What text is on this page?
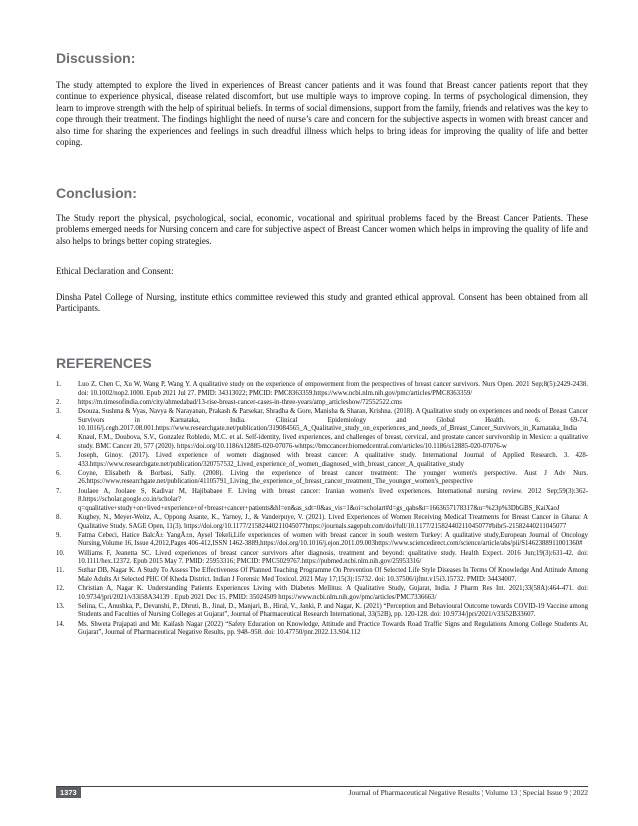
Discussion:

The study attempted to explore the lived in experiences of Breast cancer patients and it was found that Breast cancer patients report that they continue to experience physical, disease related discomfort, but use multiple ways to improve coping. In terms of psychological dimension, they learn to improve strength with the help of spiritual beliefs. In terms of social dimensions, support from the family, friends and relatives was the key to cope through their treatment. The findings highlight the need of nurse’s care and concern for the subjective aspects in women with breast cancer and also time for sharing the experiences and feelings in such dreadful illness which helps to bring ideas for improving the quality of life and better coping.

Conclusion:

The Study report the physical, psychological, social, economic, vocational and spiritual problems faced by the Breast Cancer Patients. These problems emerged needs for Nursing concern and care for subjective aspect of Breast Cancer women which helps in improving the quality of life and also helps to brings better coping strategies.

Ethical Declaration and Consent:

Dinsha Patel College of Nursing, institute ethics committee reviewed this study and granted ethical approval. Consent has been obtained from all Participants.

REFERENCES
1.	Luo Z, Chen C, Xu W, Wang P, Wang Y. A qualitative study on the experience of empowerment from the perspectives of breast cancer survivors. Nurs Open. 2021 Sep;8(5):2429-2438. doi: 10.1002/nop2.1000. Epub 2021 Jul 27. PMID: 34313022; PMCID: PMC8363359.https://www.ncbi.nlm.nih.gov/pmc/articles/PMC8363359/
2.	https://m.timesofindia.com/city/ahmedabad/13-rise-breast-cancer-cases-in-three-years/amp_articleshow/72552522.cms
3.	Dsouza, Sushma & Vyas, Navya & Narayanan, Prakash & Parsekar, Shradha & Gore, Manisha & Sharan, Krishna. (2018). A Qualitative study on experiences and needs of Breast Cancer Survivors in Karnataka, India. Clinical Epidemiology and Global Health. 6. 69-74. 10.1016/j.cegh.2017.08.001.https://www.researchgate.net/publication/319084565_A_Qualitative_study_on_experiences_and_needs_of_Breast_Cancer_Survivors_in_Karnataka_India
4.	Knaul, F.M., Doubova, S.V., Gonzalez Robledo, M.C. et al. Self-identity, lived experiences, and challenges of breast, cervical, and prostate cancer survivorship in Mexico: a qualitative study. BMC Cancer 20, 577 (2020). https://doi.org/10.1186/s12885-020-07076-whttps://bmccancer.biomedcentral.com/articles/10.1186/s12885-020-07076-w
5.	Joseph, Ginoy. (2017). Lived experience of women diagnosed with breast cancer: A qualitative study. International Journal of Applied Research. 3. 428-433.https://www.researchgate.net/publication/320757532_Lived_experience_of_women_diagnosed_with_breast_cancer_A_qualitative_study
6.	Coyne, Elisabeth & Borbasi, Sally. (2008). Living the experience of breast cancer treatment: The younger women's perspective. Aust J Adv Nurs. 26.https://www.researchgate.net/publication/41105791_Living_the_experience_of_breast_cancer_treatment_The_younger_women's_perspective
7.	Joulaee A, Joolaee S, Kadivar M, Hajibabaee F. Living with breast cancer: Iranian women's lived experiences. International nursing review. 2012 Sep;59(3):362-8.https://scholar.google.co.in/scholar?q=qualitative+study+on+lived+experience+of+breast+cancer+patients&hl=en&as_sdt=0&as_vis=1&oi=scholart#d=gs_qabs&t=1663657178317&u=%23p%3DbGBS_KaiXaoJ
8.	Kugbey, N., Meyer-Weitz, A., Oppong Asante, K., Yarney, J., & Vanderpuye, V. (2021). Lived Experiences of Women Receiving Medical Treatments for Breast Cancer in Ghana: A Qualitative Study. SAGE Open, 11(3). https://doi.org/10.1177/21582440211045077https://journals.sagepub.com/doi/full/10.1177/21582440211045077#bibr5-21582440211045077
9.	Fatma Cebeci, Hatice BalcÄ± YangÄ±n, Aysel Tekeli,Life experiences of women with breast cancer in south western Turkey: A qualitative study,European Journal of Oncology Nursing,Volume 16, Issue 4,2012,Pages 406-412,ISSN 1462-3889,https://doi.org/10.1016/j.ejon.2011.09.003https://www.sciencedirect.com/science/article/abs/pii/S1462388911001360#
10.	Williams F, Jeanetta SC. Lived experiences of breast cancer survivors after diagnosis, treatment and beyond: qualitative study. Health Expect. 2016 Jun;19(3):631-42. doi: 10.1111/hex.12372. Epub 2015 May 7. PMID: 25953316; PMCID: PMC5029767.https://pubmed.ncbi.nlm.nih.gov/25953316/
11.	Suthar DB, Nagar K. A Study To Assess The Effectiveness Of Planned Teaching Programme On Prevention Of Selected Life Style Diseases In Terms Of Knowledge And Attitude Among Male Adults At Selected PHC Of Kheda District. Indian J Forensic Med Toxicol. 2021 May 17;15(3):15732. doi: 10.37506/ijfmt.v15i3.15732. PMID: 34434007.
12.	Christian A, Nagar K. Understanding Patients Experiences Living with Diabetes Mellitus: A Qualitative Study, Gujarat, India. J Pharm Res Int. 2021;33(58A):464-471. doi: 10.9734/jpri/2021/v33i58A34139 . Epub 2021 Dec 15. PMID: 35024509 https://www.ncbi.nlm.nih.gov/pmc/articles/PMC7336663/
13.	Selina, C., Anushka, P., Devanshi, P., Dhruti, B., Jinal, D., Manjari, B., Hiral, V., Janki, P. and Nagar, K. (2021) “Perception and Behavioural Outcome towards COVID-19 Vaccine among Students and Faculties of Nursing Colleges at Gujarat”, Journal of Pharmaceutical Research International, 33(52B), pp. 120-128. doi: 10.9734/jpri/2021/v33i52B33607.
14.	Ms. Shweta Prajapati and Mr. Kailash Nagar (2022) “Safety Education on Knowledge, Attitude and Practice Towards Road Traffic Signs and Regulations Among College Students At, Gujarat”, Journal of Pharmaceutical Negative Results, pp. 948–958. doi: 10.47750/pnr.2022.13.S04.112
1373	Journal of Pharmaceutical Negative Results ¦ Volume 13 ¦ Special Issue 9 ¦ 2022
